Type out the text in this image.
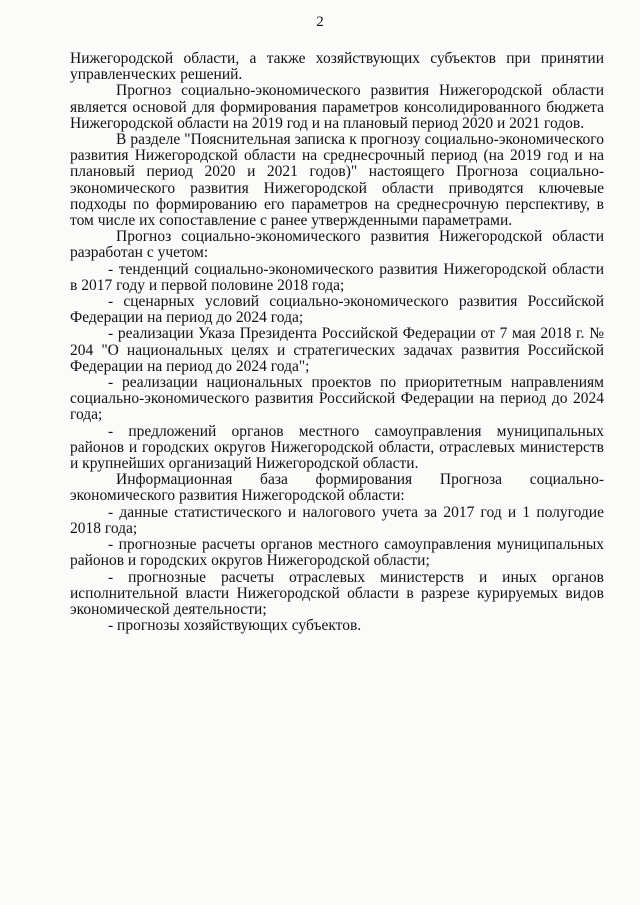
2

Нижегородской области, а также хозяйствующих субъектов при принятии управленческих решений.

Прогноз социально-экономического развития Нижегородской области является основой для формирования параметров консолидированного бюджета Нижегородской области на 2019 год и на плановый период 2020 и 2021 годов.

В разделе "Пояснительная записка к прогнозу социально-экономического развития Нижегородской области на среднесрочный период (на 2019 год и на плановый период 2020 и 2021 годов)" настоящего Прогноза социально-экономического развития Нижегородской области приводятся ключевые подходы по формированию его параметров на среднесрочную перспективу, в том числе их сопоставление с ранее утвержденными параметрами.

Прогноз социально-экономического развития Нижегородской области разработан с учетом:

- тенденций социально-экономического развития Нижегородской области в 2017 году и первой половине 2018 года;

- сценарных условий социально-экономического развития Российской Федерации на период до 2024 года;

- реализации Указа Президента Российской Федерации от 7 мая 2018 г. № 204 "О национальных целях и стратегических задачах развития Российской Федерации на период до 2024 года";

- реализации национальных проектов по приоритетным направлениям социально-экономического развития Российской Федерации на период до 2024 года;

- предложений органов местного самоуправления муниципальных районов и городских округов Нижегородской области, отраслевых министерств и крупнейших организаций Нижегородской области.

Информационная база формирования Прогноза социально-экономического развития Нижегородской области:

- данные статистического и налогового учета за 2017 год и 1 полугодие 2018 года;

- прогнозные расчеты органов местного самоуправления муниципальных районов и городских округов Нижегородской области;

- прогнозные расчеты отраслевых министерств и иных органов исполнительной власти Нижегородской области в разрезе курируемых видов экономической деятельности;

- прогнозы хозяйствующих субъектов.
